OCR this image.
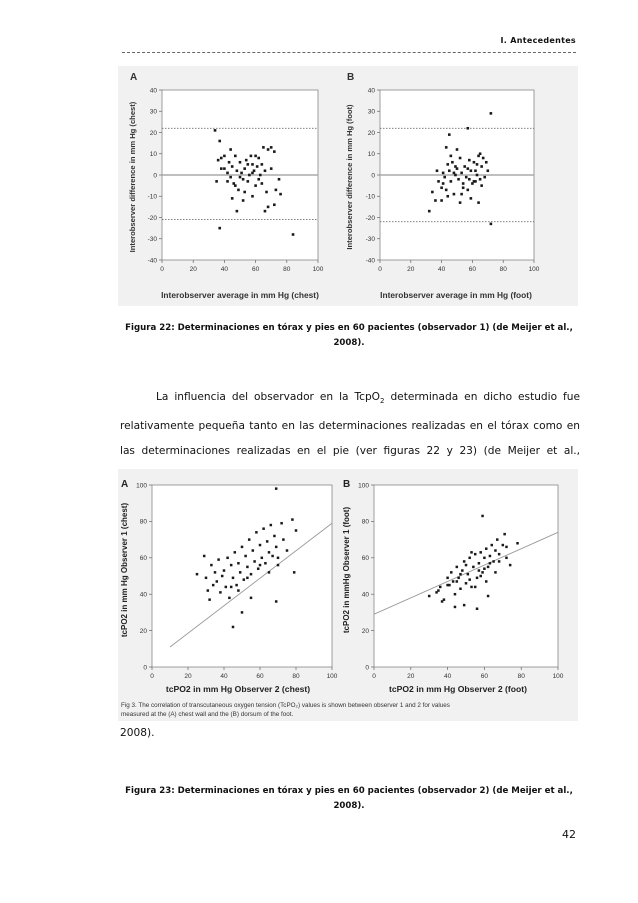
I. Antecedentes
A	B
Interobserver difference in mm Hg (chest)	Interobserver difference in mm Hg (foot)
Interobserver average in mm Hg (chest)	Interobserver average in mm Hg (foot)
0	20	40	60	80	100
40
30
20
10
0
-10
-20
-30
-40
0	20	40	60	80	100
40
30
20
10
0
-10
-20
-30
-40
Figura 22: Determinaciones en tórax y pies en 60 pacientes (observador 1) (de Meijer et al.,
2008).
La influencia del observador en la TcpO$_2$ determinada en dicho estudio fue
relativamente pequeña tanto en las determinaciones realizadas en el tórax como en
las determinaciones realizadas en el pie (ver figuras 22 y 23) (de Meijer et al.,
A	B
tcPO2 in mm Hg Observer 1 (chest)	tcPO2 in mmHg Observer 1 (foot)
tcPO2 in mm Hg Observer 2 (chest)	tcPO2 in mm Hg Observer 2 (foot)
Fig 3. The correlation of transcutaneous oxygen tension (TcPO₂) values is shown between observer 1 and 2 for values
measured at the (A) chest wall and the (B) dorsum of the foot.
0	20	40	60	80	100
100
80
60
40
20
0
0	20	40	60	80	100
100
80
60
40
20
0
2008).
Figura 23: Determinaciones en tórax y pies en 60 pacientes (observador 2) (de Meijer et al.,
2008).
42
